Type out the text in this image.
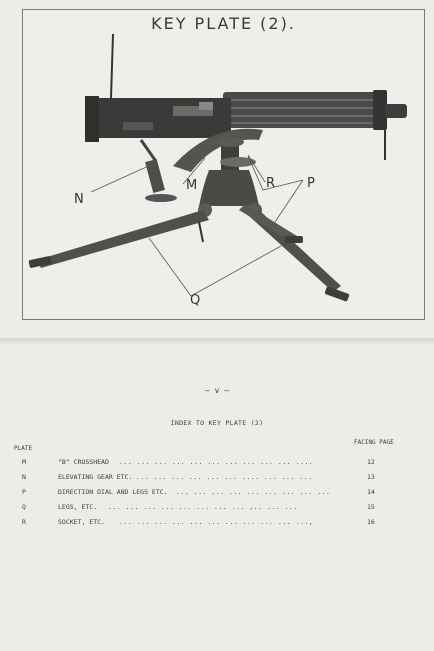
KEY PLATE (2).
N
M	R P
Q
— v —
INDEX TO KEY PLATE (2)
PLATE
FACING PAGE
M	"B" CROSSHEAD ... ... ... ... ... ... ... ... ... ... ....	12
N	ELEVATING GEAR ETC. ... ... ... ... ... ... .... ... ... ...	13
P	DIRECTION DIAL AND LEGS ETC. ... ... ... ... ... ... ... ... ...	14
Q	LEGS, ETC. ... ... ... ... ... ... ... ... ,.. ... ...	15
R	SOCKET, ETC. ... ... ... ... ... ... ... ... ... ... ...,	16
